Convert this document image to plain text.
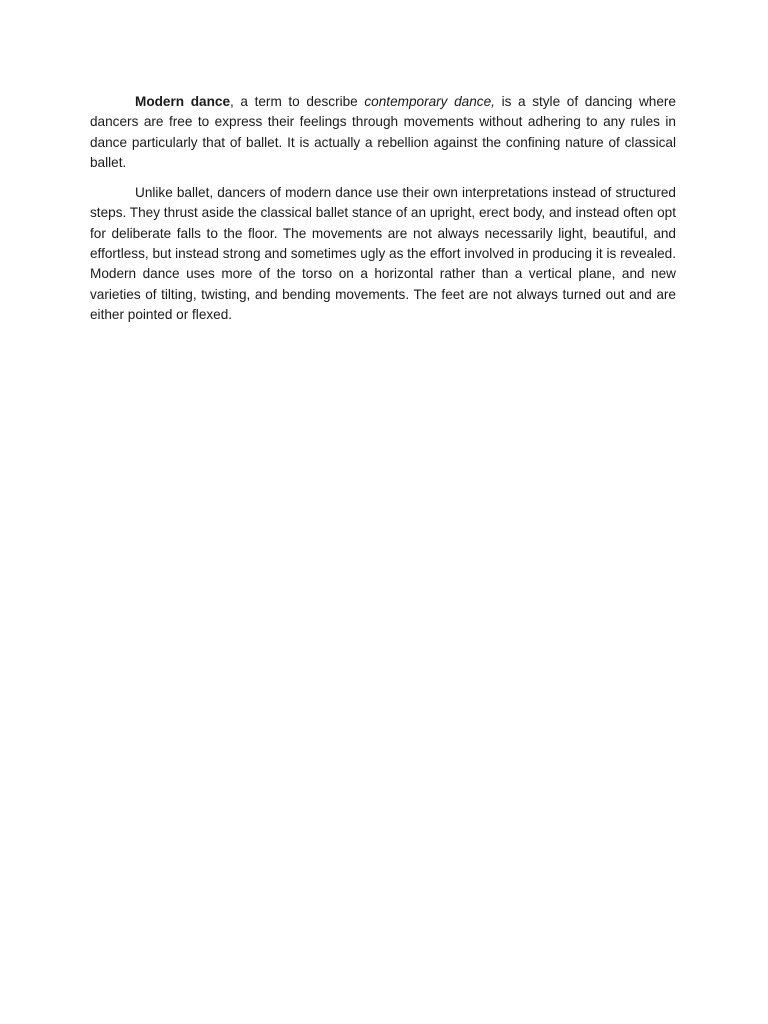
Modern dance, a term to describe contemporary dance, is a style of dancing where dancers are free to express their feelings through movements without adhering to any rules in dance particularly that of ballet. It is actually a rebellion against the confining nature of classical ballet.

Unlike ballet, dancers of modern dance use their own interpretations instead of structured steps. They thrust aside the classical ballet stance of an upright, erect body, and instead often opt for deliberate falls to the floor. The movements are not always necessarily light, beautiful, and effortless, but instead strong and sometimes ugly as the effort involved in producing it is revealed. Modern dance uses more of the torso on a horizontal rather than a vertical plane, and new varieties of tilting, twisting, and bending movements. The feet are not always turned out and are either pointed or flexed.
